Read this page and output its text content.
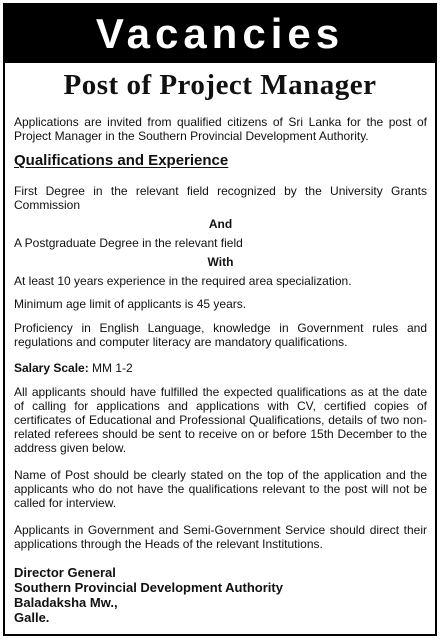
Vacancies
Post of Project Manager

Applications are invited from qualified citizens of Sri Lanka for the post of Project Manager in the Southern Provincial Development Authority.

Qualifications and Experience

First Degree in the relevant field recognized by the University Grants Commission

And

A Postgraduate Degree in the relevant field

With

At least 10 years experience in the required area specialization.

Minimum age limit of applicants is 45 years.

Proficiency in English Language, knowledge in Government rules and regulations and computer literacy are mandatory qualifications.

Salary Scale: MM 1-2

All applicants should have fulfilled the expected qualifications as at the date of calling for applications and applications with CV, certified copies of certificates of Educational and Professional Qualifications, details of two non-related referees should be sent to receive on or before 15th December to the address given below.

Name of Post should be clearly stated on the top of the application and the applicants who do not have the qualifications relevant to the post will not be called for interview.

Applicants in Government and Semi-Government Service should direct their applications through the Heads of the relevant Institutions.

Director General
Southern Provincial Development Authority
Baladaksha Mw.,
Galle.
